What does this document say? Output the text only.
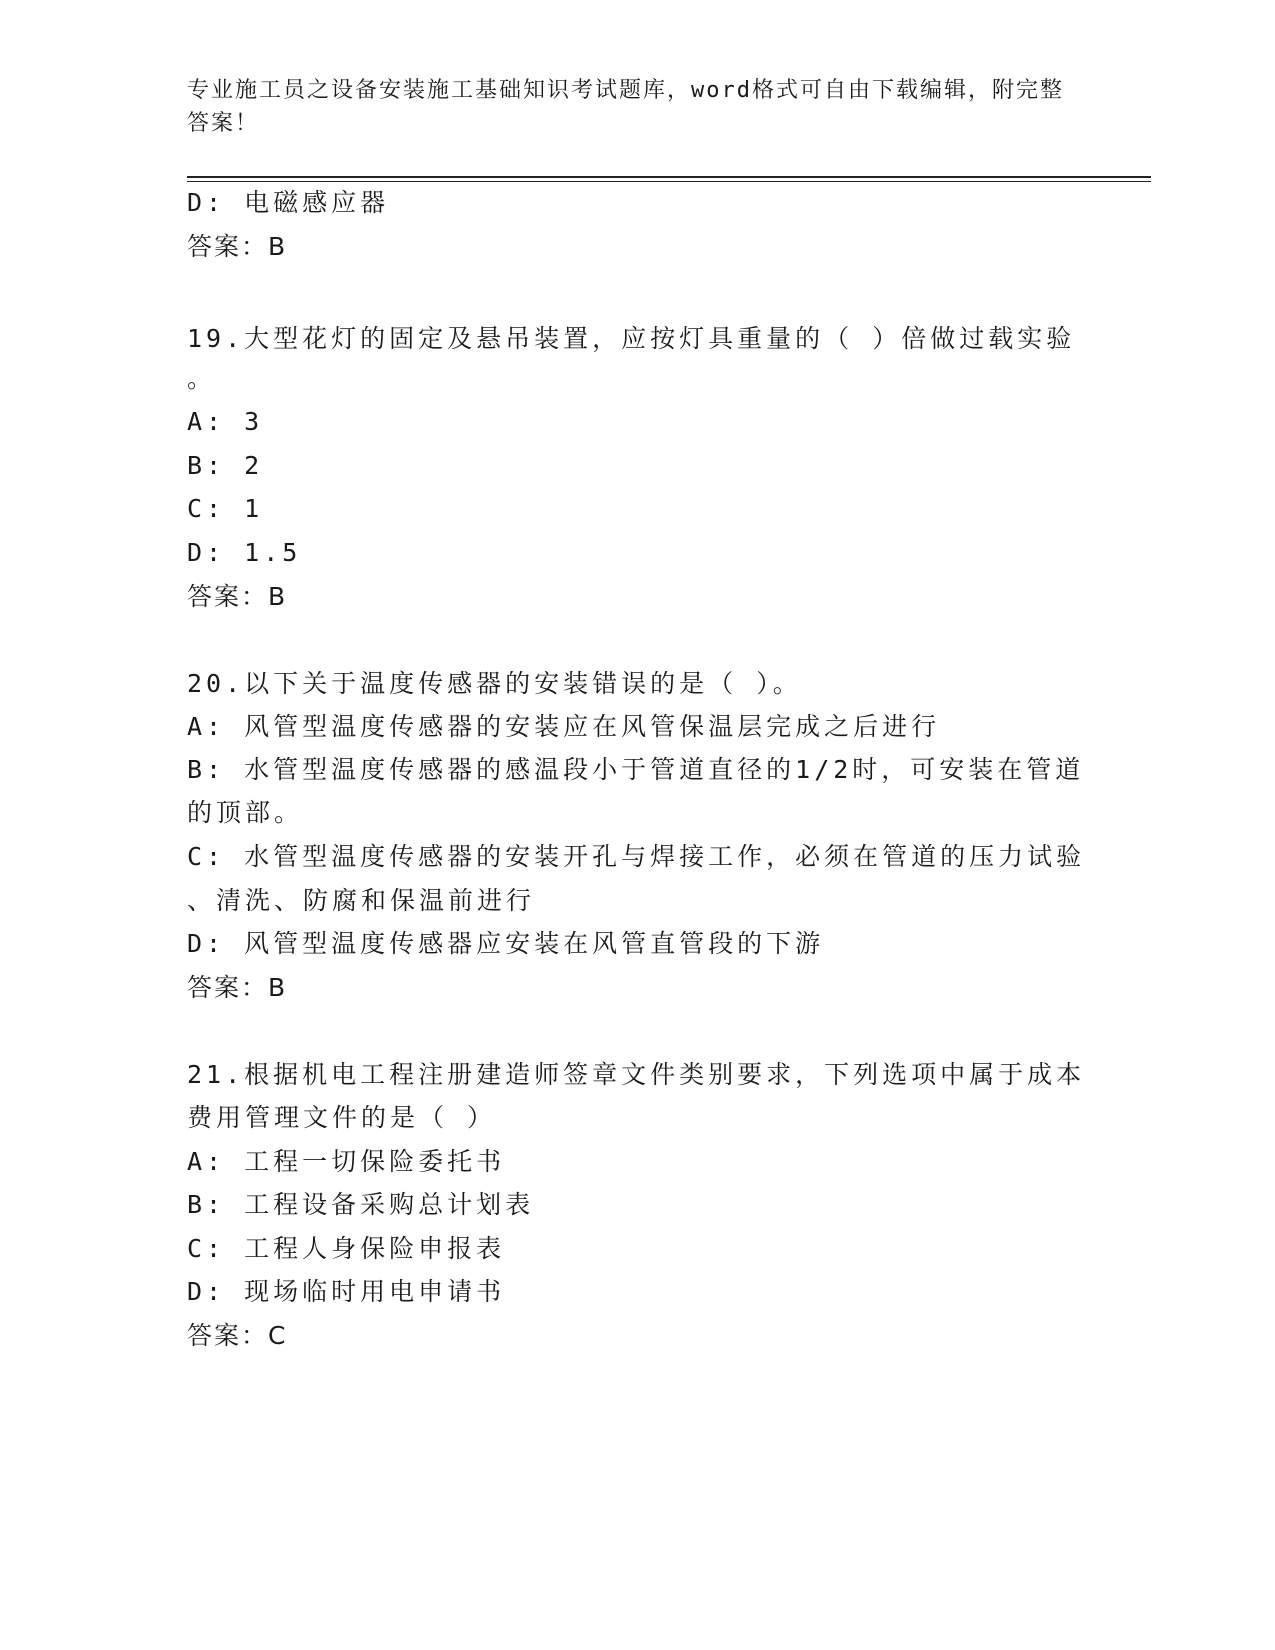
专业施工员之设备安装施工基础知识考试题库，word格式可自由下载编辑，附完整答案！
D: 电磁感应器
答案：B
19.大型花灯的固定及悬吊装置，应按灯具重量的（ ）倍做过载实验
。
A: 3
B: 2
C: 1
D: 1.5
答案：B
20.以下关于温度传感器的安装错误的是（ ）。
A: 风管型温度传感器的安装应在风管保温层完成之后进行
B: 水管型温度传感器的感温段小于管道直径的1/2时，可安装在管道
的顶部。
C: 水管型温度传感器的安装开孔与焊接工作，必须在管道的压力试验
、清洗、防腐和保温前进行
D: 风管型温度传感器应安装在风管直管段的下游
答案：B
21.根据机电工程注册建造师签章文件类别要求，下列选项中属于成本
费用管理文件的是（ ）
A: 工程一切保险委托书
B: 工程设备采购总计划表
C: 工程人身保险申报表
D: 现场临时用电申请书
答案：C
